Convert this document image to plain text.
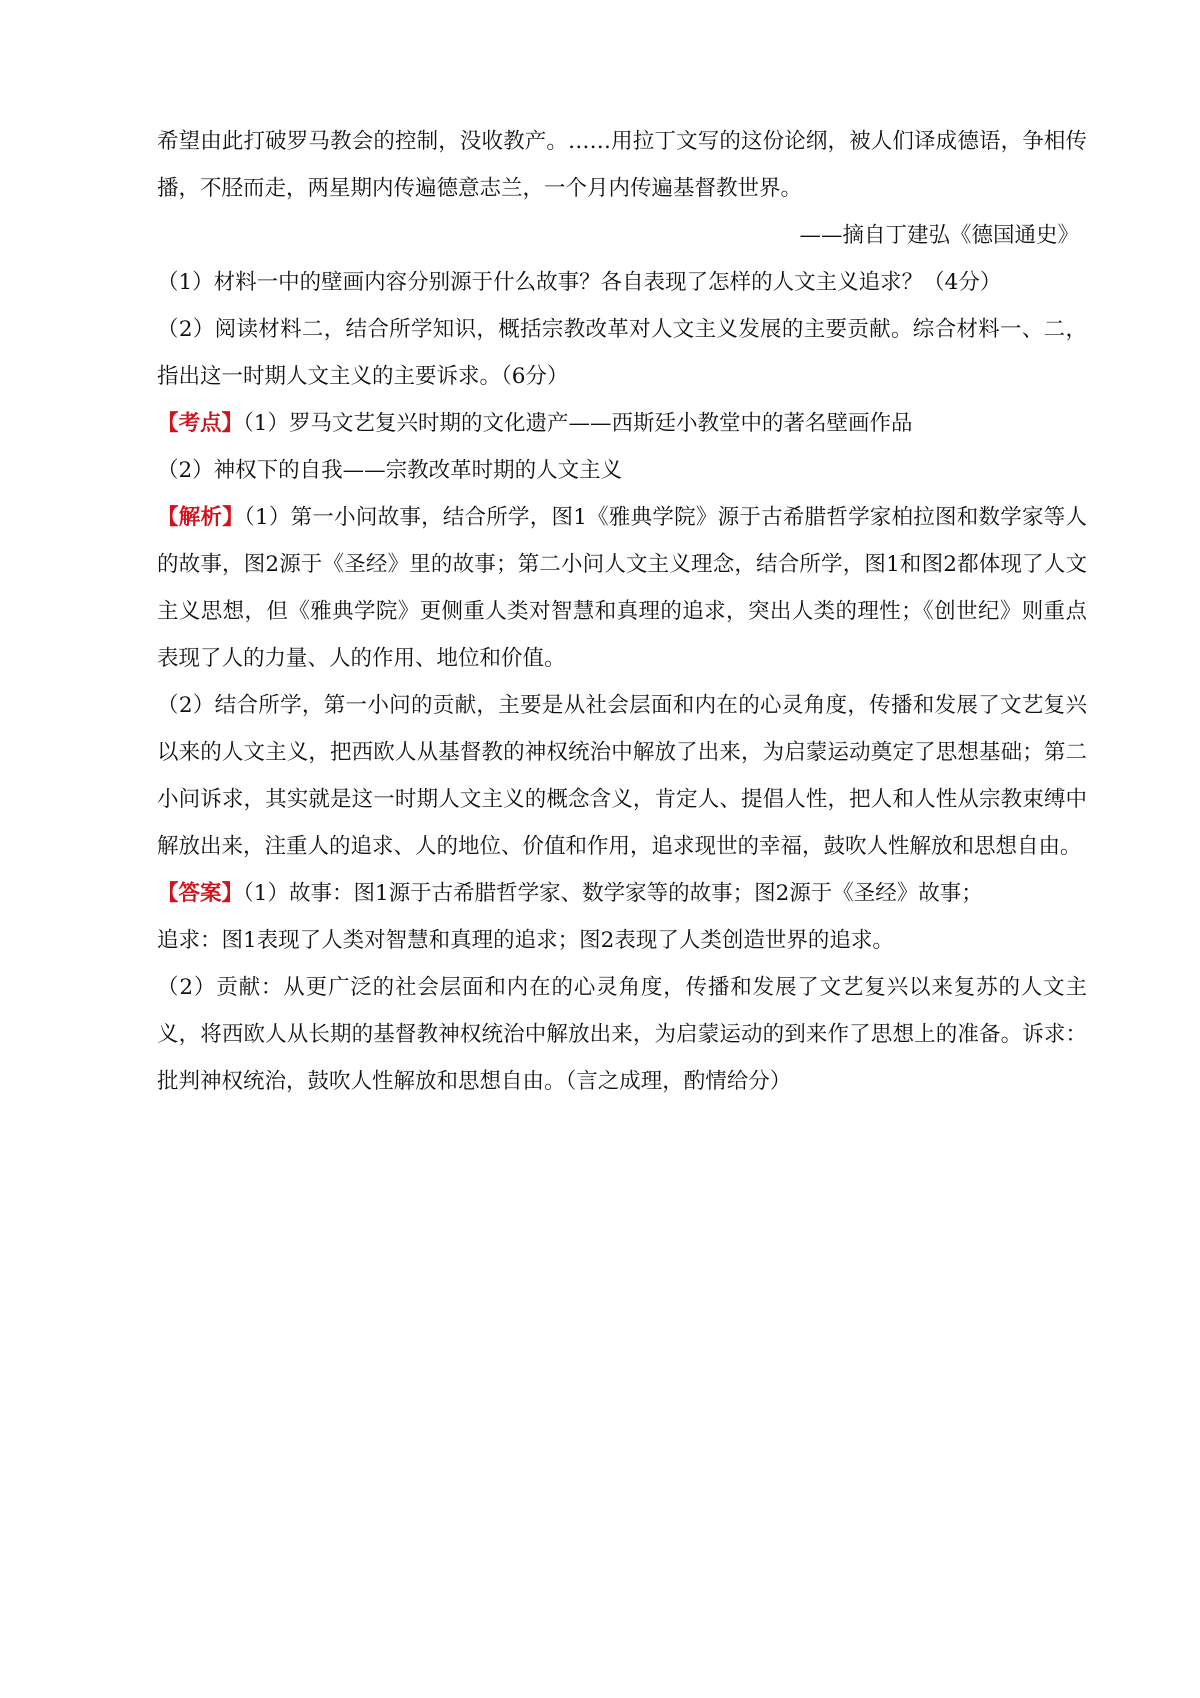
希望由此打破罗马教会的控制，没收教产。……用拉丁文写的这份论纲，被人们译成德语，争相传播，不胫而走，两星期内传遍德意志兰，一个月内传遍基督教世界。

——摘自丁建弘《德国通史》

（1）材料一中的壁画内容分别源于什么故事？各自表现了怎样的人文主义追求？（4分）

（2）阅读材料二，结合所学知识，概括宗教改革对人文主义发展的主要贡献。综合材料一、二，指出这一时期人文主义的主要诉求。（6分）

【考点】（1）罗马文艺复兴时期的文化遗产——西斯廷小教堂中的著名壁画作品

（2）神权下的自我——宗教改革时期的人文主义

【解析】（1）第一小问故事，结合所学，图1《雅典学院》源于古希腊哲学家柏拉图和数学家等人的故事，图2源于《圣经》里的故事；第二小问人文主义理念，结合所学，图1和图2都体现了人文主义思想，但《雅典学院》更侧重人类对智慧和真理的追求，突出人类的理性；《创世纪》则重点表现了人的力量、人的作用、地位和价值。

（2）结合所学，第一小问的贡献，主要是从社会层面和内在的心灵角度，传播和发展了文艺复兴以来的人文主义，把西欧人从基督教的神权统治中解放了出来，为启蒙运动奠定了思想基础；第二小问诉求，其实就是这一时期人文主义的概念含义，肯定人、提倡人性，把人和人性从宗教束缚中解放出来，注重人的追求、人的地位、价值和作用，追求现世的幸福，鼓吹人性解放和思想自由。

【答案】（1）故事：图1源于古希腊哲学家、数学家等的故事；图2源于《圣经》故事；

追求：图1表现了人类对智慧和真理的追求；图2表现了人类创造世界的追求。

（2）贡献：从更广泛的社会层面和内在的心灵角度，传播和发展了文艺复兴以来复苏的人文主义，将西欧人从长期的基督教神权统治中解放出来，为启蒙运动的到来作了思想上的准备。诉求：批判神权统治，鼓吹人性解放和思想自由。（言之成理，酌情给分）
